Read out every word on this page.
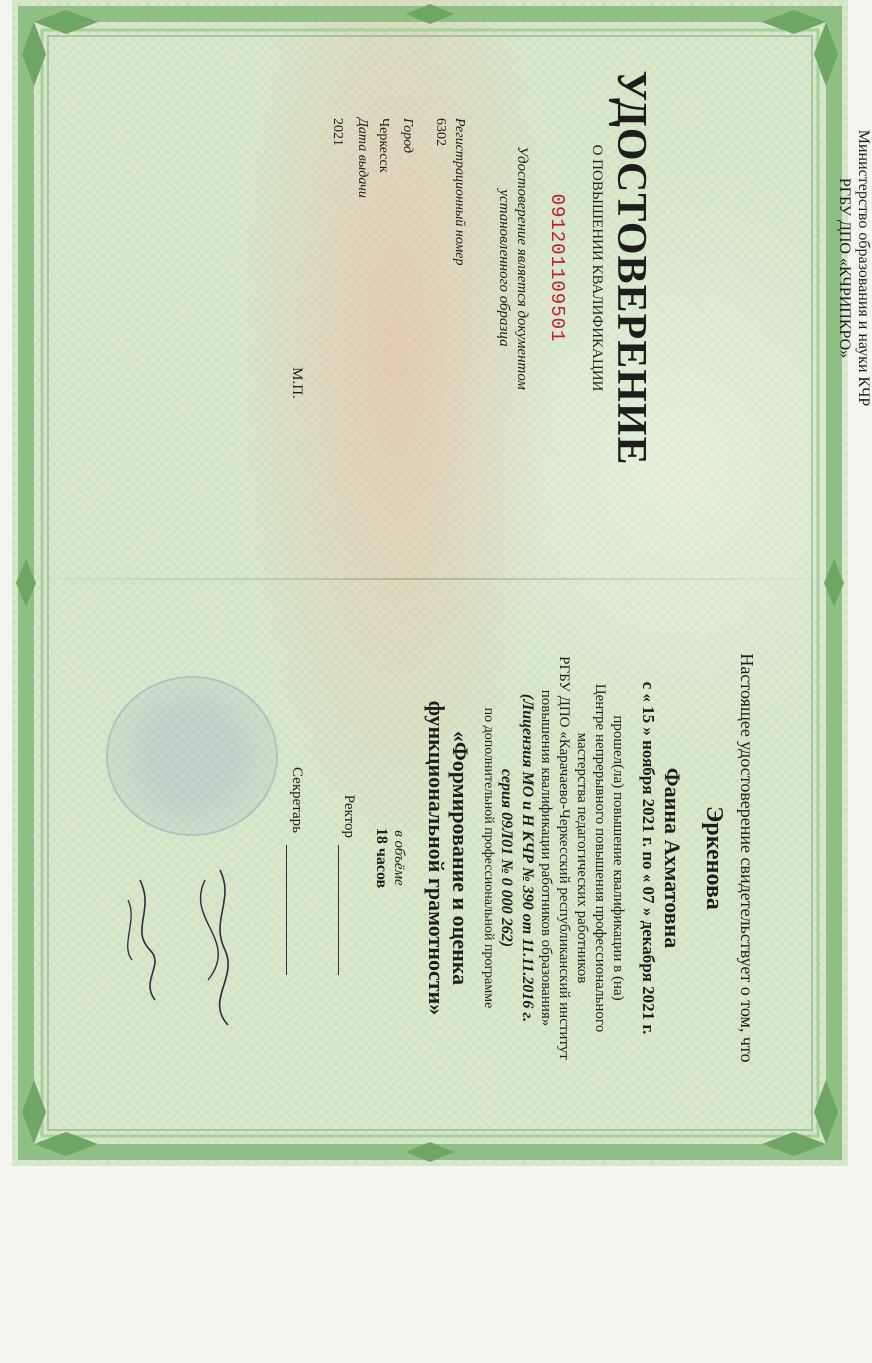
Министерство образования и науки КЧР
РГБУ ДПО «КЧРИПКРО»
УДОСТОВЕРЕНИЕ
О ПОВЫШЕНИИ КВАЛИФИКАЦИИ
091201109501
Удостоверение является документом
установленного образца
Регистрационный номер
6302
Город
Черкесск
Дата выдачи
2021
Настоящее удостоверение свидетельствует о том, что
Эркенова
Фаина Ахматовна
с « 15 » ноября 2021 г. по « 07 » декабря 2021 г.
прошел(ла) повышение квалификации в (на)
Центре непрерывного повышения профессионального
мастерства педагогических работников
РГБУ ДПО «Карачаево-Черкесский республиканский институт
повышения квалификации работников образования»
(Лицензия МО и Н КЧР № 390 от 11.11.2016 г.
серия 09Л01 № 0 000 262)
по дополнительной профессиональной программе
«Формирование и оценка
функциональной грамотности»
в объёме
18 часов
Ректор
М.П.
Секретарь
